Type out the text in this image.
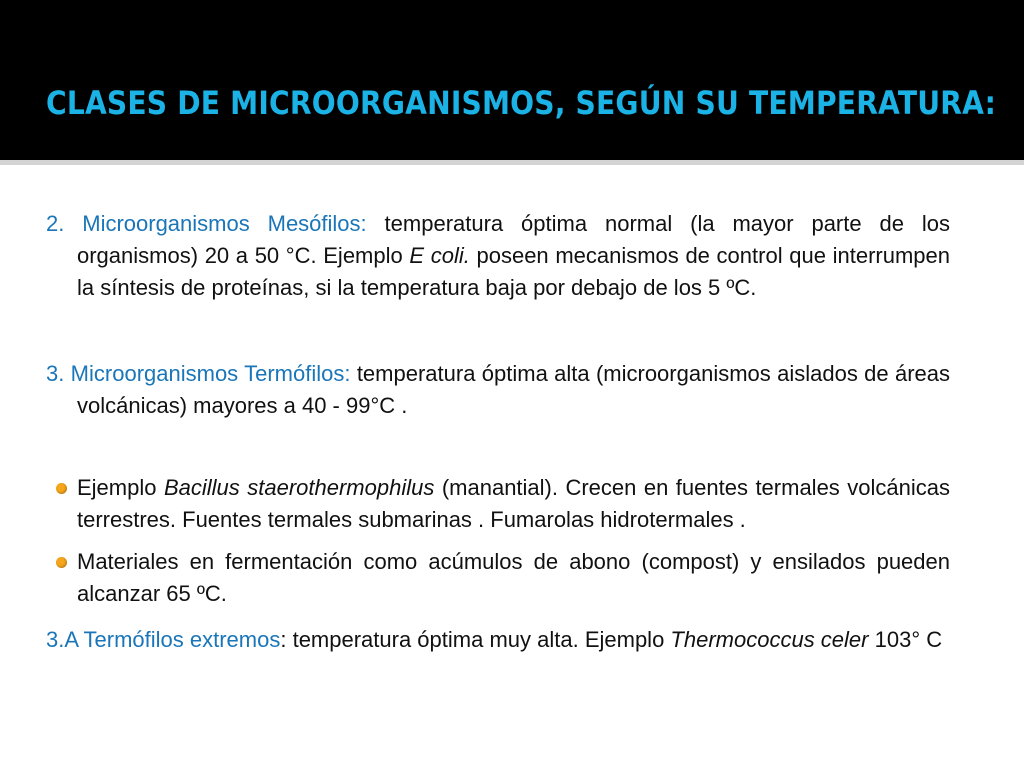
CLASES DE MICROORGANISMOS, SEGÚN SU TEMPERATURA:

2. Microorganismos Mesófilos: temperatura óptima normal (la mayor parte de los organismos) 20 a 50 °C. Ejemplo E coli. poseen mecanismos de control que interrumpen la síntesis de proteínas, si la temperatura baja por debajo de los 5 ºC.

3. Microorganismos Termófilos: temperatura óptima alta (microorganismos aislados de áreas volcánicas) mayores a 40 - 99°C .

Ejemplo Bacillus staerothermophilus (manantial). Crecen en fuentes termales volcánicas terrestres. Fuentes termales submarinas . Fumarolas hidrotermales .
Materiales en fermentación como acúmulos de abono (compost) y ensilados pueden alcanzar 65 ºC.

3.A Termófilos extremos: temperatura óptima muy alta. Ejemplo Thermococcus celer 103° C
